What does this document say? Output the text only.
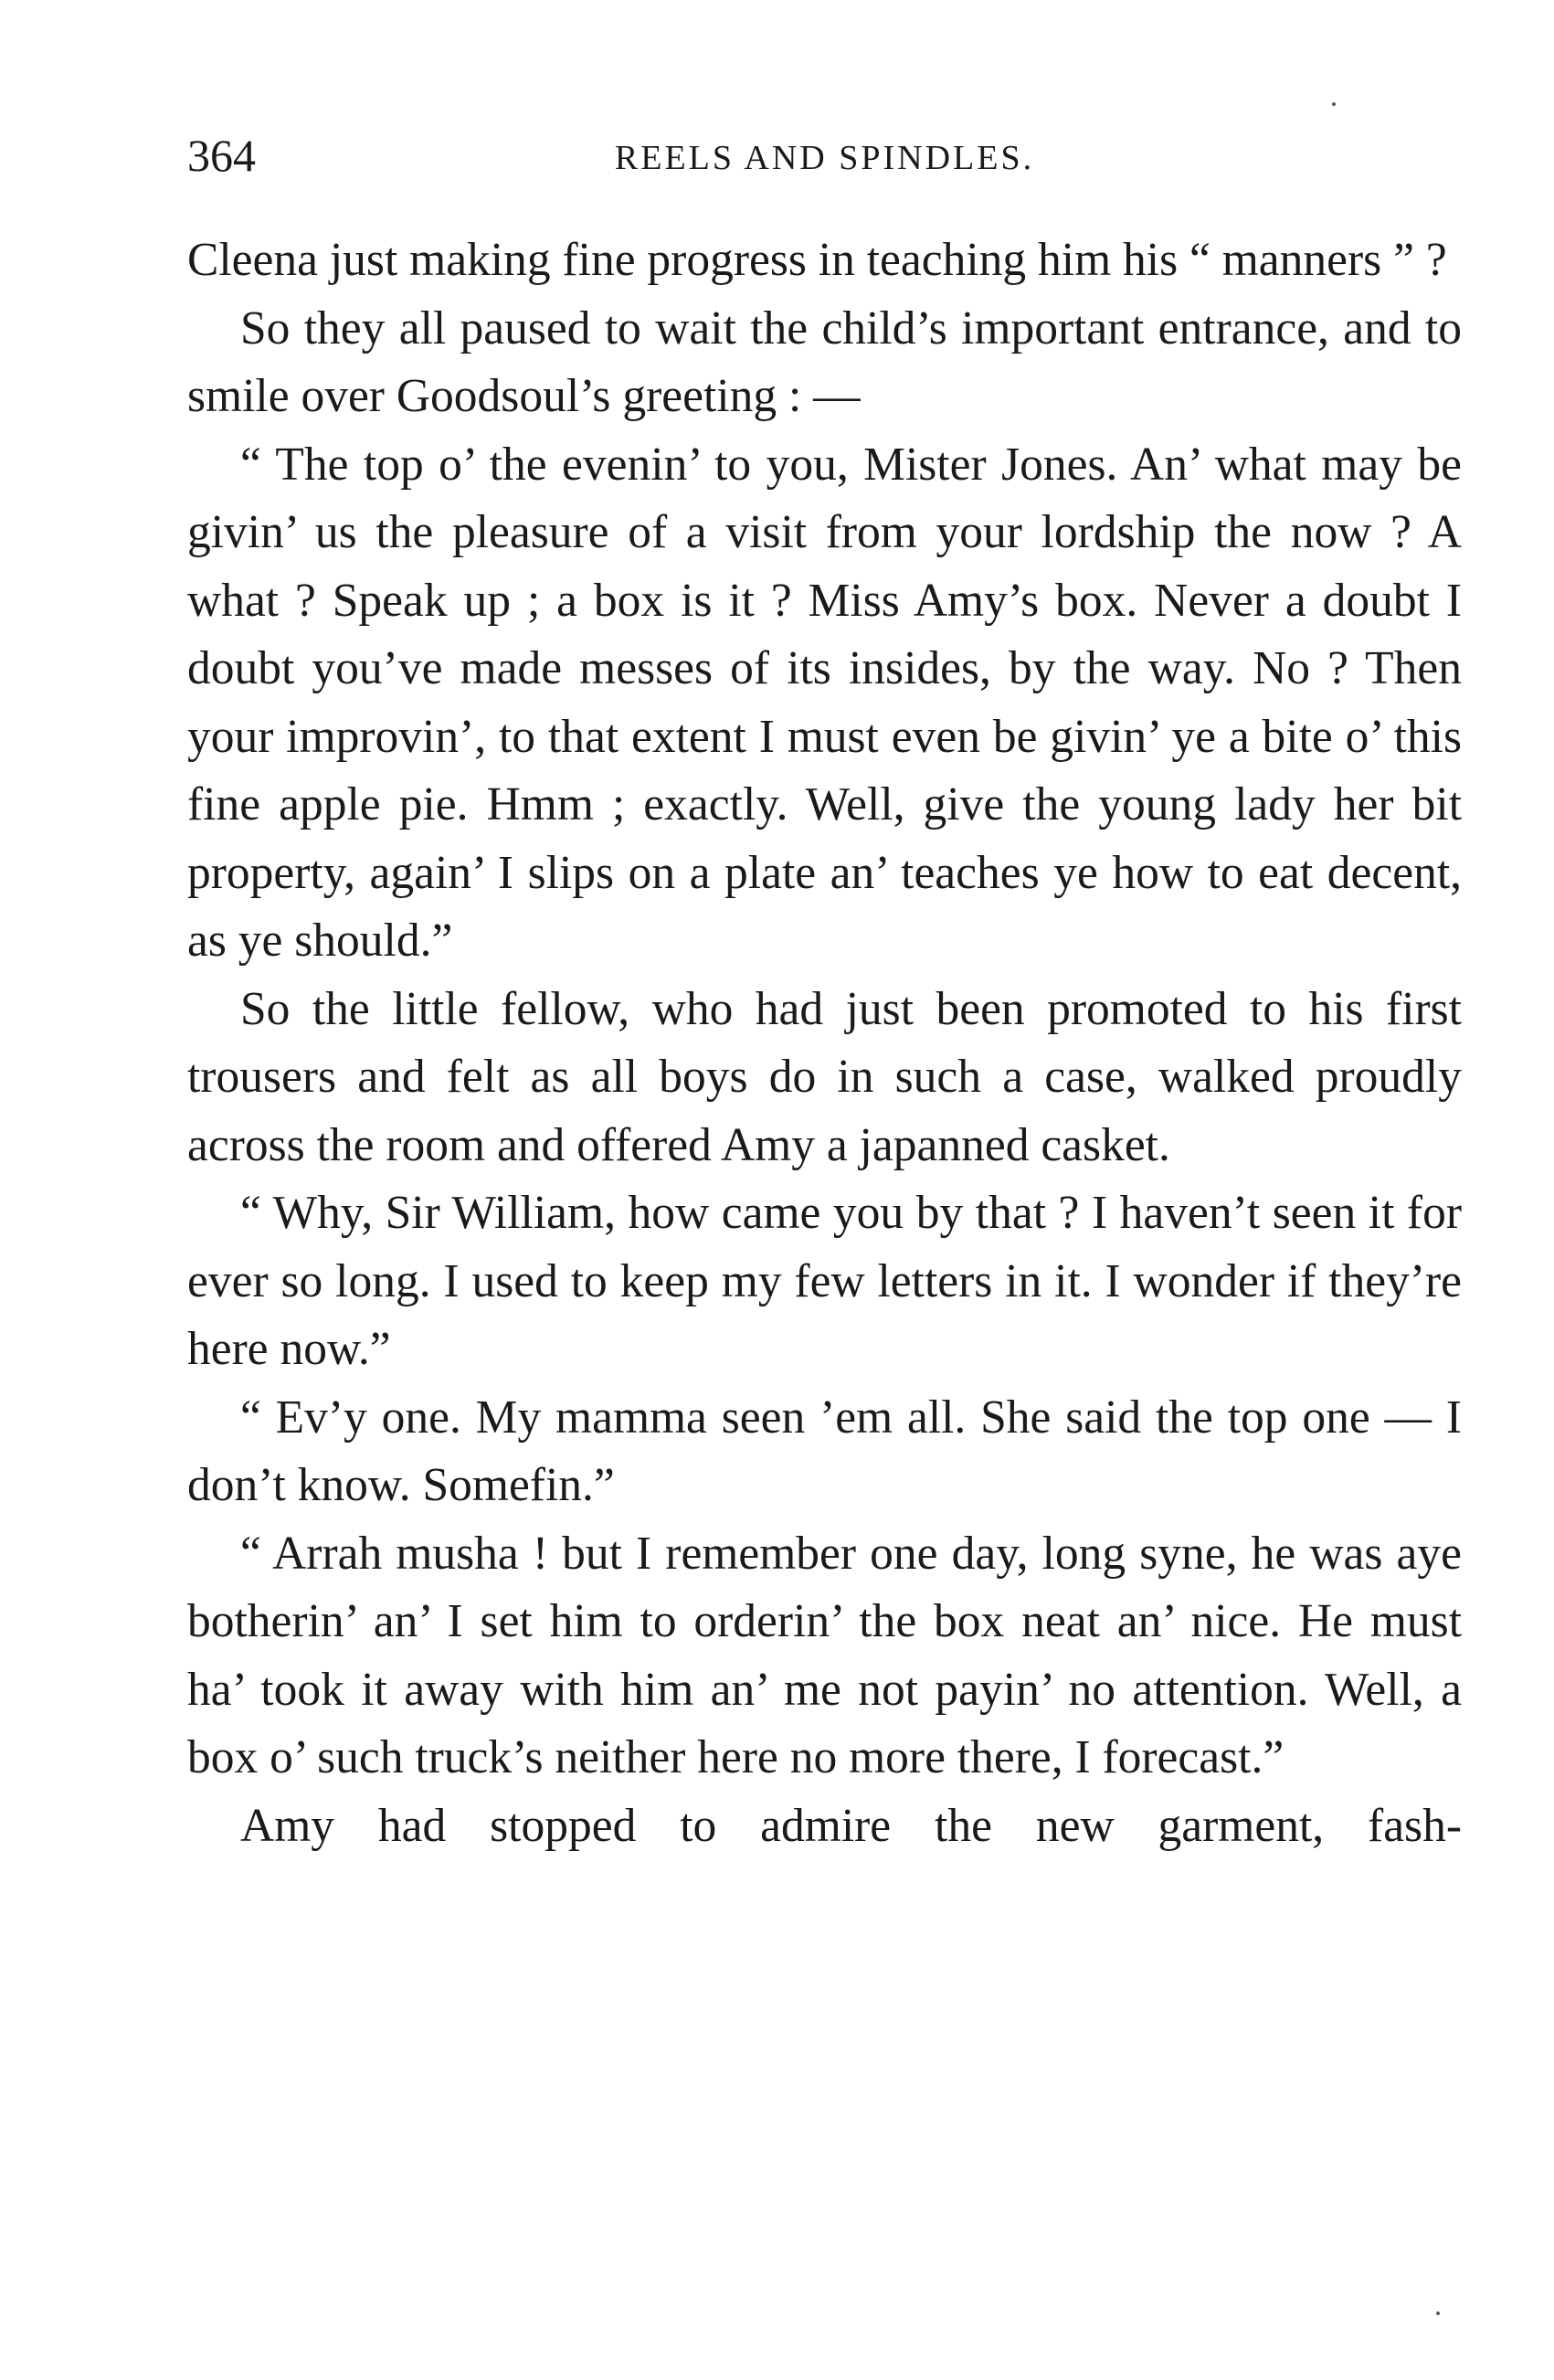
364	REELS AND SPINDLES.

Cleena just making fine progress in teaching him his “ manners ” ?

So they all paused to wait the child’s important entrance, and to smile over Goodsoul’s greeting : —

“ The top o’ the evenin’ to you, Mister Jones. An’ what may be givin’ us the pleasure of a visit from your lordship the now ? A what ? Speak up ; a box is it ? Miss Amy’s box. Never a doubt I doubt you’ve made messes of its insides, by the way. No ? Then your improvin’, to that extent I must even be givin’ ye a bite o’ this fine apple pie. Hmm ; exactly. Well, give the young lady her bit property, again’ I slips on a plate an’ teaches ye how to eat decent, as ye should.”

So the little fellow, who had just been promoted to his first trousers and felt as all boys do in such a case, walked proudly across the room and offered Amy a japanned casket.

“ Why, Sir William, how came you by that ? I haven’t seen it for ever so long. I used to keep my few letters in it. I wonder if they’re here now.”

“ Ev’y one. My mamma seen ’em all. She said the top one — I don’t know. Somefin.”

“ Arrah musha ! but I remember one day, long syne, he was aye botherin’ an’ I set him to orderin’ the box neat an’ nice. He must ha’ took it away with him an’ me not payin’ no attention. Well, a box o’ such truck’s neither here no more there, I forecast.”

Amy had stopped to admire the new garment, fash-
